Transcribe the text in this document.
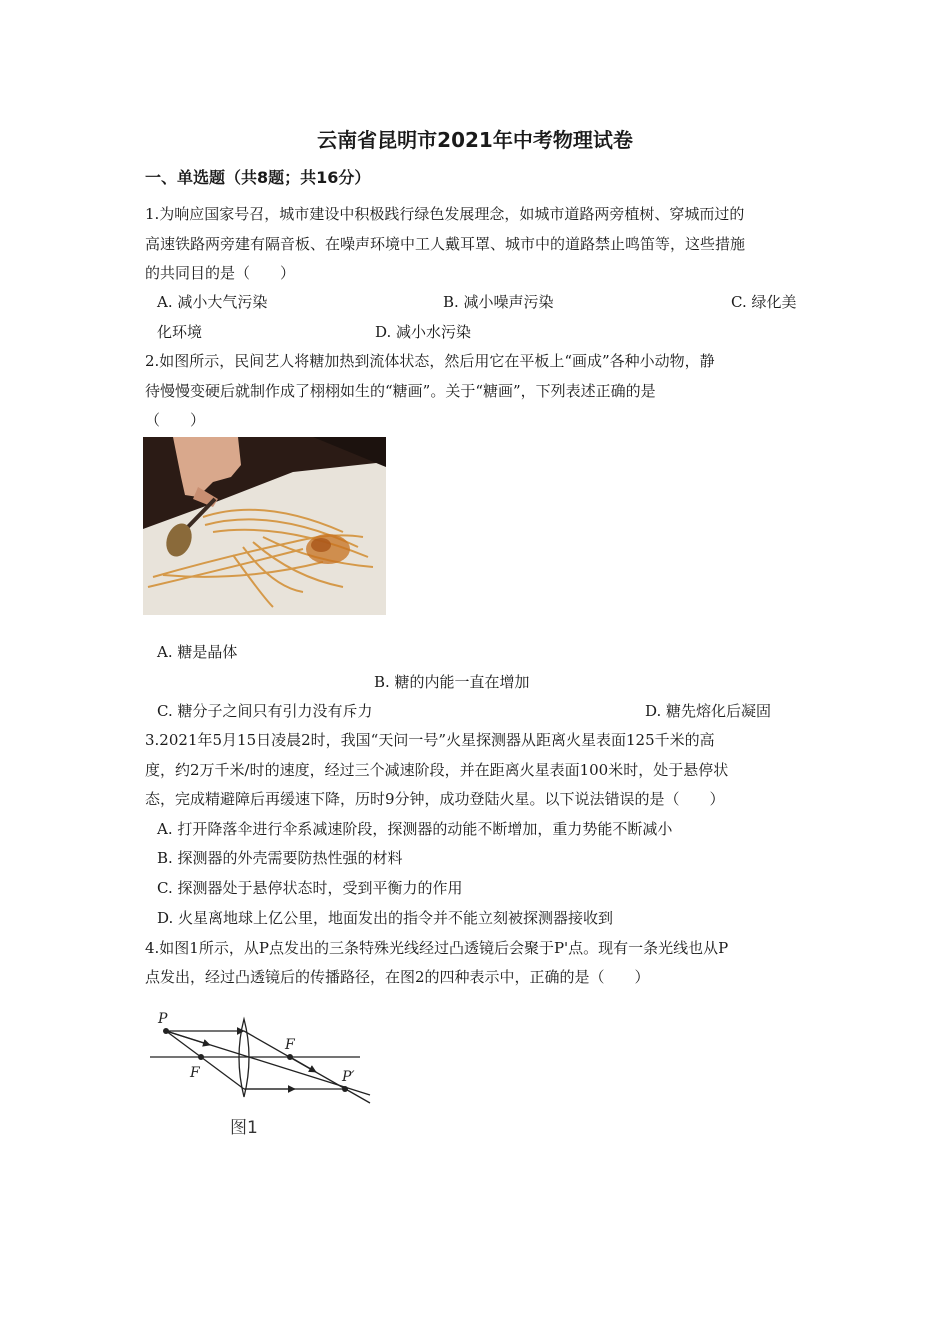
云南省昆明市2021年中考物理试卷
一、单选题（共8题；共16分）
1.为响应国家号召，城市建设中积极践行绿色发展理念，如城市道路两旁植树、穿城而过的
高速铁路两旁建有隔音板、在噪声环境中工人戴耳罩、城市中的道路禁止鸣笛等，这些措施
的共同目的是（　　）
A. 减小大气污染	B. 减小噪声污染	C. 绿化美
化环境	D. 减小水污染
2.如图所示，民间艺人将糖加热到流体状态，然后用它在平板上“画成”各种小动物，静
待慢慢变硬后就制作成了栩栩如生的“糖画”。关于“糖画”，下列表述正确的是
（　　）
A. 糖是晶体
B. 糖的内能一直在增加
C. 糖分子之间只有引力没有斥力	D. 糖先熔化后凝固
3.2021年5月15日凌晨2时，我国“天问一号”火星探测器从距离火星表面125千米的高
度，约2万千米/时的速度，经过三个减速阶段，并在距离火星表面100米时，处于悬停状
态，完成精避障后再缓速下降，历时9分钟，成功登陆火星。以下说法错误的是（　　）
A. 打开降落伞进行伞系减速阶段，探测器的动能不断增加，重力势能不断减小
B. 探测器的外壳需要防热性强的材料
C. 探测器处于悬停状态时，受到平衡力的作用
D. 火星离地球上亿公里，地面发出的指令并不能立刻被探测器接收到
4.如图1所示，从P点发出的三条特殊光线经过凸透镜后会聚于P'点。现有一条光线也从P
点发出，经过凸透镜后的传播路径，在图2的四种表示中，正确的是（　　）
P
F
F	P′
图1
